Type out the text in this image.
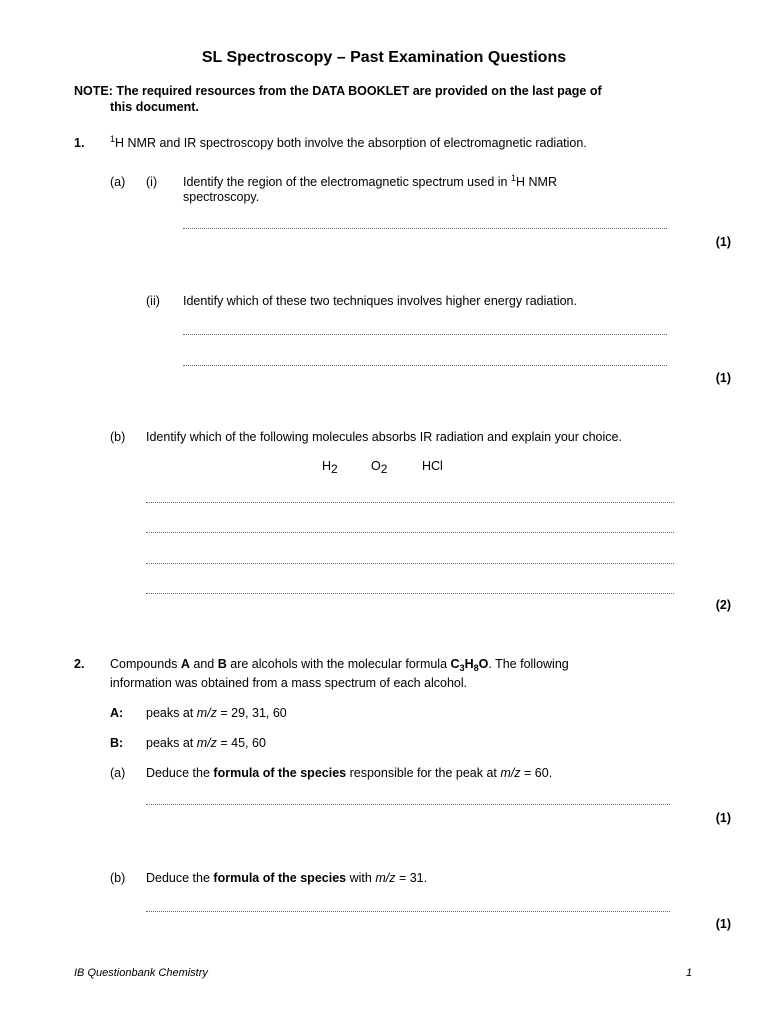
SL Spectroscopy – Past Examination Questions
NOTE: The required resources from the DATA BOOKLET are provided on the last page of
this document.
1.	$^1$H NMR and IR spectroscopy both involve the absorption of electromagnetic radiation.
(a) (i) Identify the region of the electromagnetic spectrum used in $^1$H NMR
spectroscopy.
(1)
(ii) Identify which of these two techniques involves higher energy radiation.
(1)
(b) Identify which of the following molecules absorbs IR radiation and explain your choice.
$H_2$	$O_2$	HCl
(2)
2. Compounds A and B are alcohols with the molecular formula $C_3H_8O$. The following
information was obtained from a mass spectrum of each alcohol.
A: peaks at m/z = 29, 31, 60
B: peaks at m/z = 45, 60
(a) Deduce the formula of the species responsible for the peak at m/z = 60.
(1)
(b) Deduce the formula of the species with m/z = 31.
(1)
IB Questionbank Chemistry	1
